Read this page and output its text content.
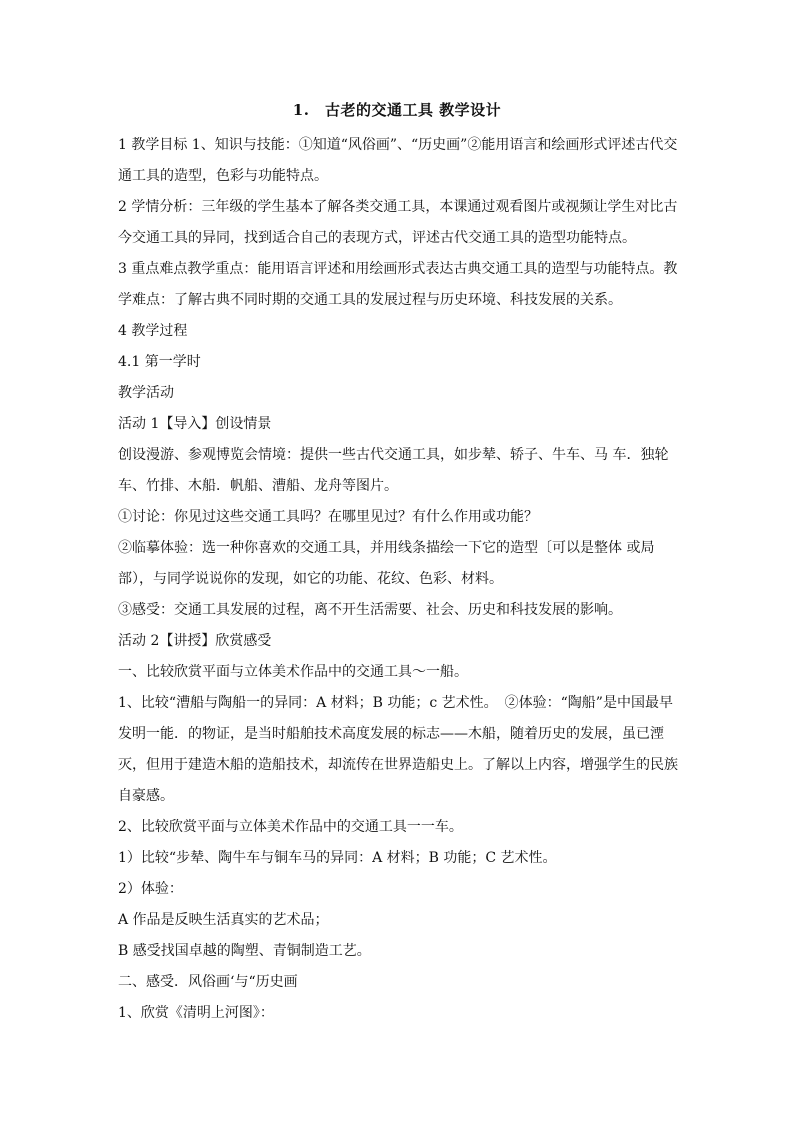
1.　古老的交通工具 教学设计

1 教学目标 1、知识与技能：①知道“风俗画”、“历史画”②能用语言和绘画形式评述古代交通工具的造型，色彩与功能特点。

2 学情分析：三年级的学生基本了解各类交通工具，本课通过观看图片或视频让学生对比古今交通工具的异同，找到适合自己的表现方式，评述古代交通工具的造型功能特点。

3 重点难点教学重点：能用语言评述和用绘画形式表达古典交通工具的造型与功能特点。教学难点：了解古典不同时期的交通工具的发展过程与历史环境、科技发展的关系。

4 教学过程

4.1 第一学时

教学活动

活动 1【导入】创设情景

创设漫游、参观博览会情境：提供一些古代交通工具，如步辇、轿子、牛车、马 车．独轮车、竹排、木船．帆船、漕船、龙舟等图片。

①讨论：你见过这些交通工具吗？在哪里见过？有什么作用或功能？

②临摹体验：选一种你喜欢的交通工具，并用线条描绘一下它的造型〔可以是整体 或局部），与同学说说你的发现，如它的功能、花纹、色彩、材料。

③感受：交通工具发展的过程，离不开生活需要、社会、历史和科技发展的影响。

活动 2【讲授】欣赏感受

一、比较欣赏平面与立体美术作品中的交通工具～一船。

1、比较“漕船与陶船一的异同：A 材料；B 功能；c 艺术性。　②体验：“陶船”是中国最早发明一能．的物证，是当时船舶技术高度发展的标志——木船，随着历史的发展，虽已湮灭，但用于建造木船的造船技术，却流传在世界造船史上。了解以上内容，增强学生的民族自豪感。

2、比较欣赏平面与立体美术作品中的交通工具一一车。

1）比较“步辇、陶牛车与铜车马的异同：A 材料；B 功能；C 艺术性。

2）体验：

A 作品是反映生活真实的艺术品；

B 感受找国卓越的陶塑、青铜制造工艺。

二、感受．风俗画‘与“历史画

1、欣赏《清明上河图》：
